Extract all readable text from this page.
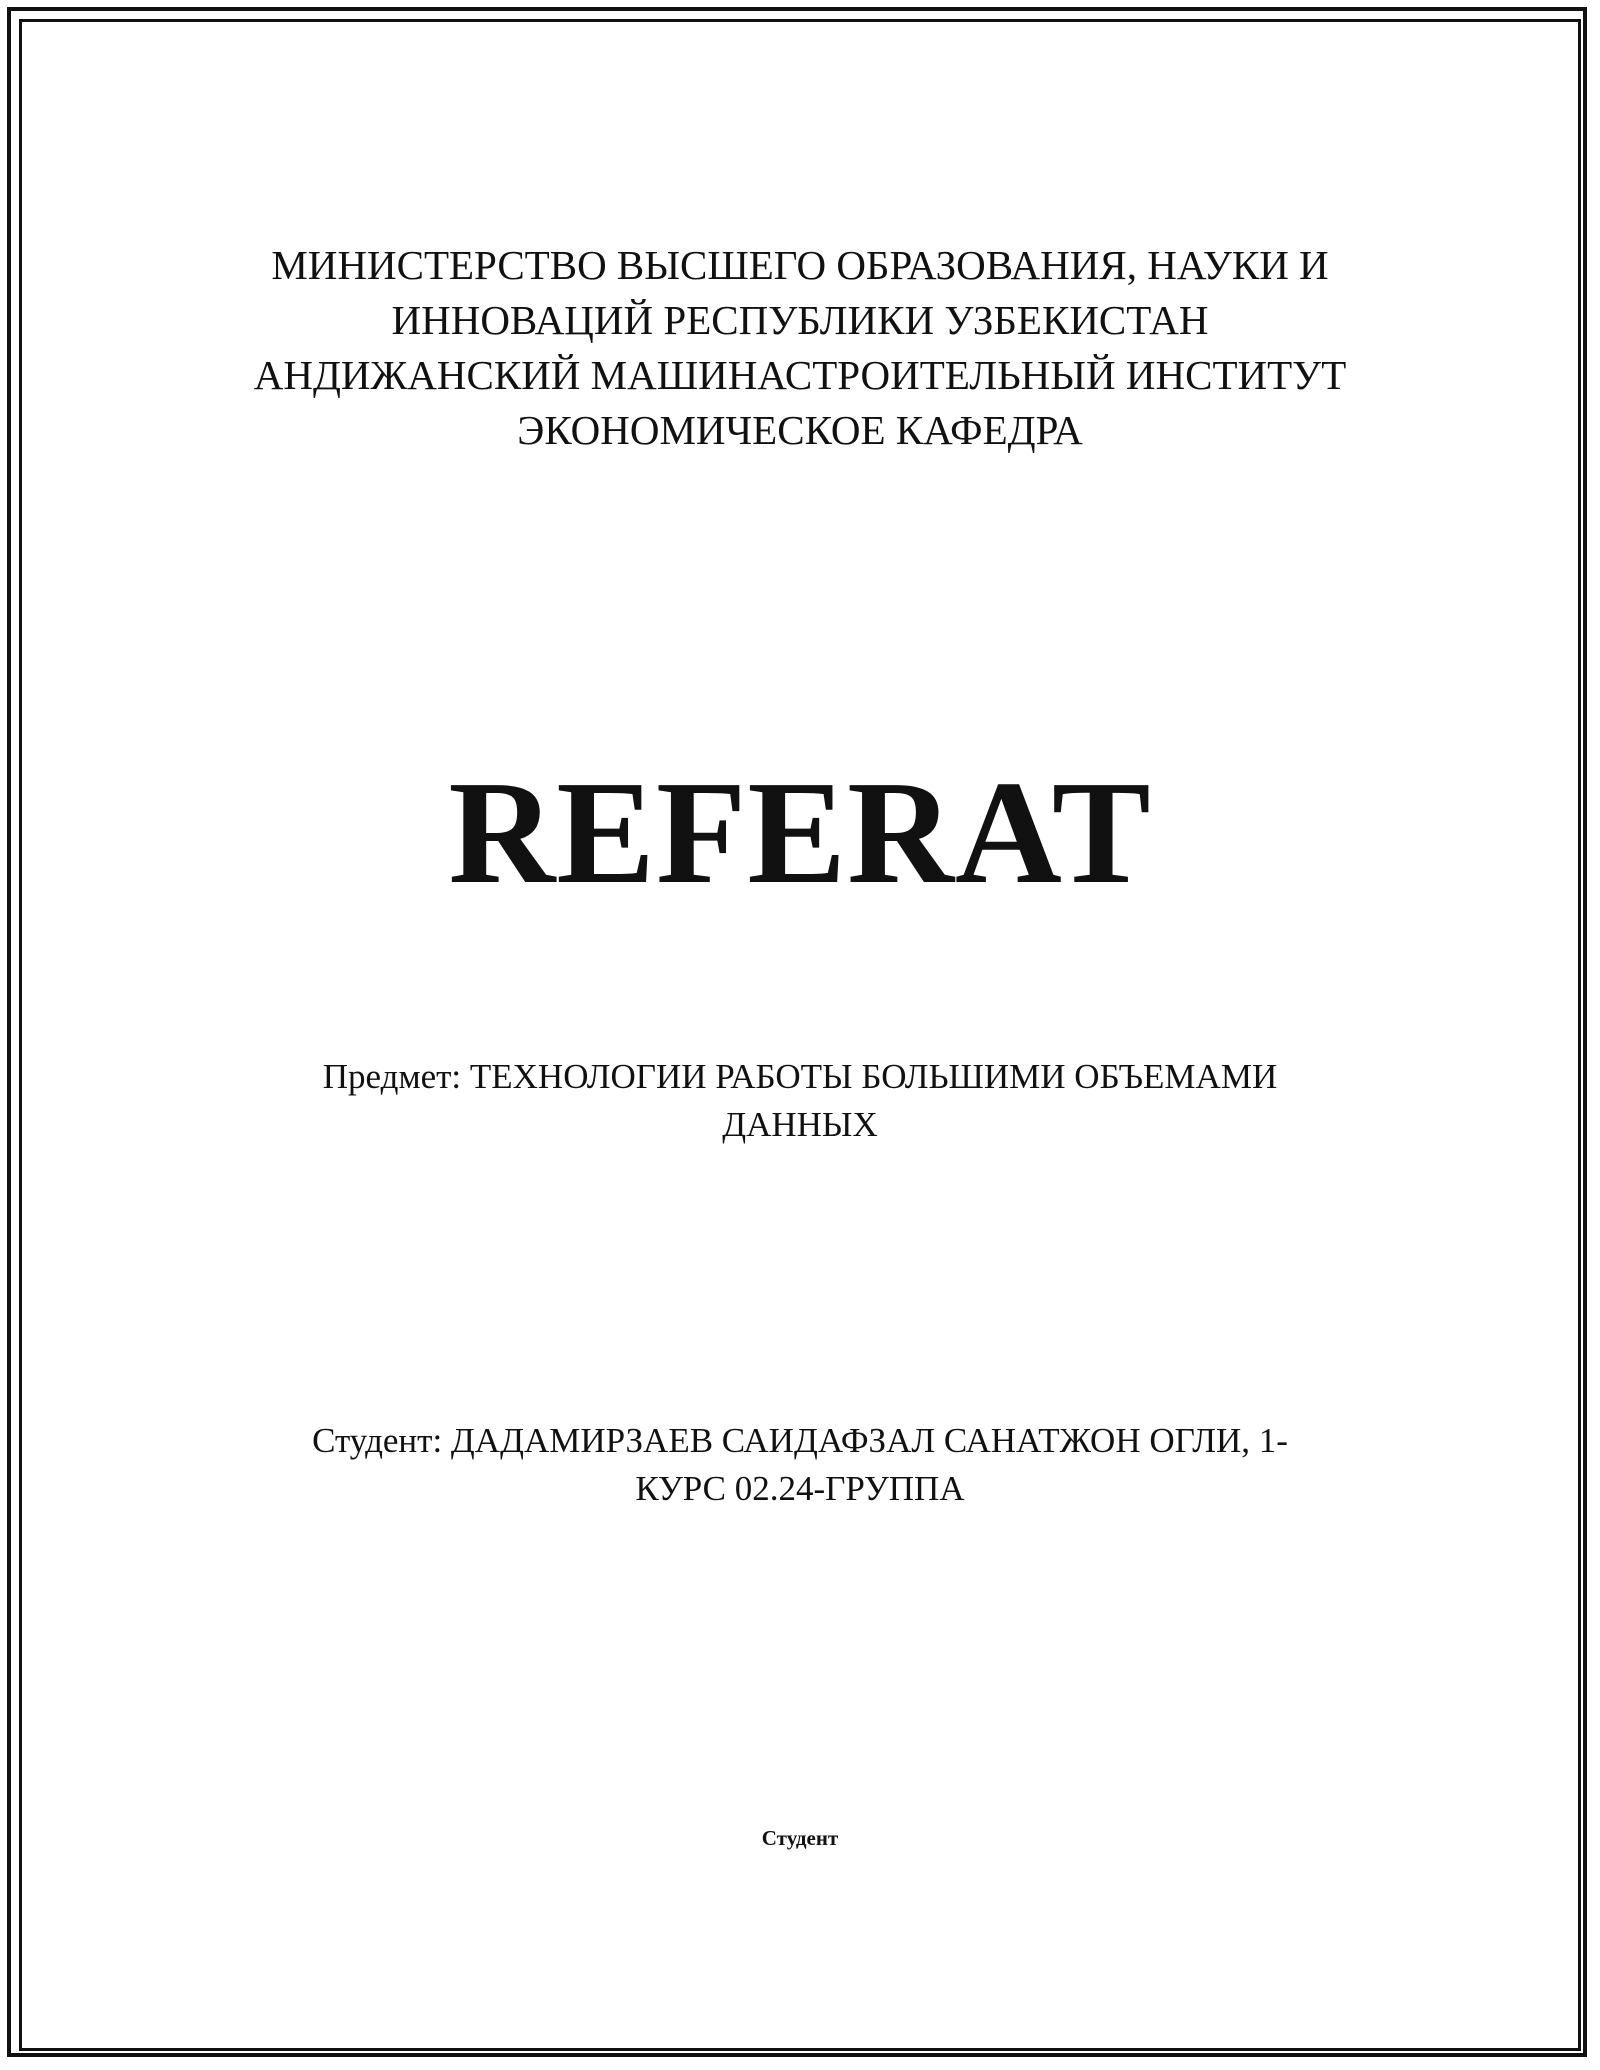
МИНИСТЕРСТВО ВЫСШЕГО ОБРАЗОВАНИЯ, НАУКИ И
ИННОВАЦИЙ РЕСПУБЛИКИ УЗБЕКИСТАН
АНДИЖАНСКИЙ МАШИНАСТРОИТЕЛЬНЫЙ ИНСТИТУТ
ЭКОНОМИЧЕСКОЕ КАФЕДРА
REFERAT
Предмет: ТЕХНОЛОГИИ РАБОТЫ БОЛЬШИМИ ОБЪЕМАМИ
ДАННЫХ
Студент: ДАДАМИРЗАЕВ САИДАФЗАЛ САНАТЖОН ОГЛИ, 1-
КУРС 02.24-ГРУППА
Студент
